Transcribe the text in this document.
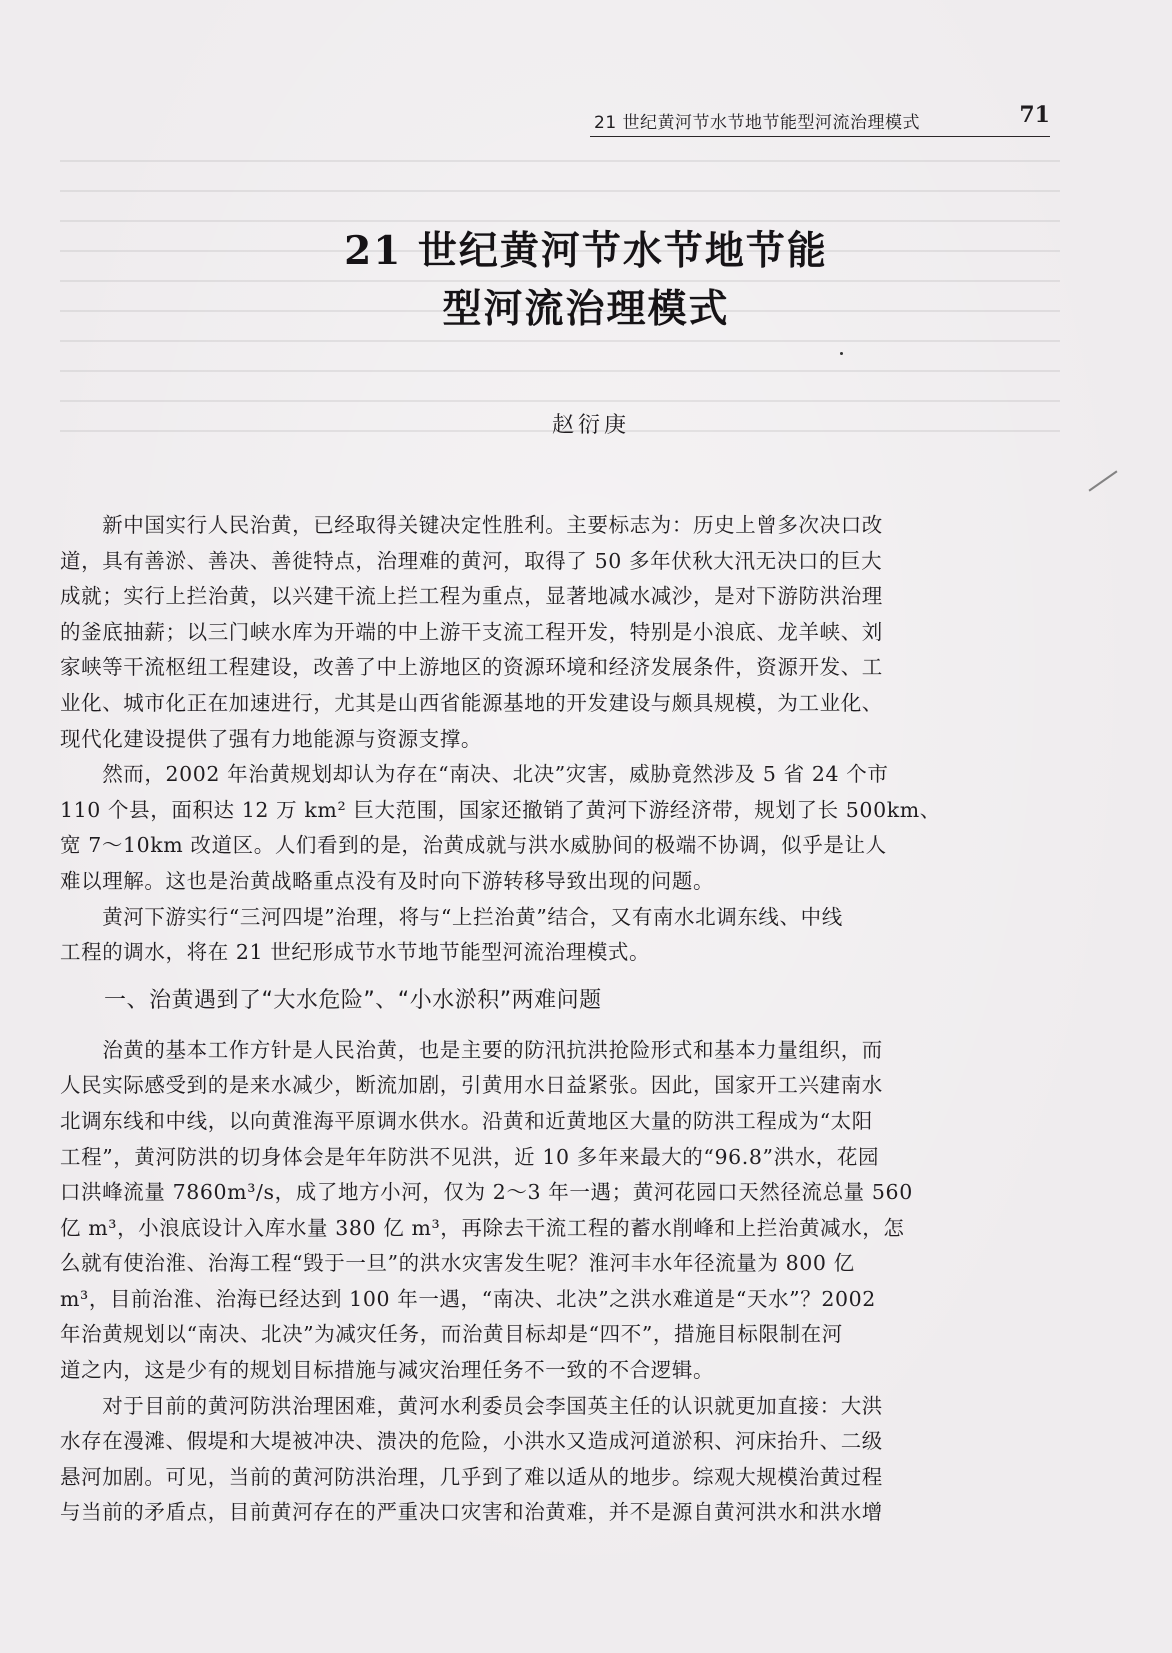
21 世纪黄河节水节地节能型河流治理模式	71
21 世纪黄河节水节地节能
型河流治理模式
赵衍庚

　　新中国实行人民治黄，已经取得关键决定性胜利。主要标志为：历史上曾多次决口改
道，具有善淤、善决、善徙特点，治理难的黄河，取得了 50 多年伏秋大汛无决口的巨大
成就；实行上拦治黄，以兴建干流上拦工程为重点，显著地减水减沙，是对下游防洪治理
的釜底抽薪；以三门峡水库为开端的中上游干支流工程开发，特别是小浪底、龙羊峡、刘
家峡等干流枢纽工程建设，改善了中上游地区的资源环境和经济发展条件，资源开发、工
业化、城市化正在加速进行，尤其是山西省能源基地的开发建设与颇具规模，为工业化、
现代化建设提供了强有力地能源与资源支撑。

　　然而，2002 年治黄规划却认为存在“南决、北决”灾害，威胁竟然涉及 5 省 24 个市
110 个县，面积达 12 万 km² 巨大范围，国家还撤销了黄河下游经济带，规划了长 500km、
宽 7～10km 改道区。人们看到的是，治黄成就与洪水威胁间的极端不协调，似乎是让人
难以理解。这也是治黄战略重点没有及时向下游转移导致出现的问题。

　　黄河下游实行“三河四堤”治理，将与“上拦治黄”结合，又有南水北调东线、中线
工程的调水，将在 21 世纪形成节水节地节能型河流治理模式。

一、治黄遇到了“大水危险”、“小水淤积”两难问题

　　治黄的基本工作方针是人民治黄，也是主要的防汛抗洪抢险形式和基本力量组织，而
人民实际感受到的是来水减少，断流加剧，引黄用水日益紧张。因此，国家开工兴建南水
北调东线和中线，以向黄淮海平原调水供水。沿黄和近黄地区大量的防洪工程成为“太阳
工程”，黄河防洪的切身体会是年年防洪不见洪，近 10 多年来最大的“96.8”洪水，花园
口洪峰流量 7860m³/s，成了地方小河，仅为 2～3 年一遇；黄河花园口天然径流总量 560
亿 m³，小浪底设计入库水量 380 亿 m³，再除去干流工程的蓄水削峰和上拦治黄减水，怎
么就有使治淮、治海工程“毁于一旦”的洪水灾害发生呢？淮河丰水年径流量为 800 亿
m³，目前治淮、治海已经达到 100 年一遇，“南决、北决”之洪水难道是“天水”？2002
年治黄规划以“南决、北决”为减灾任务，而治黄目标却是“四不”，措施目标限制在河
道之内，这是少有的规划目标措施与减灾治理任务不一致的不合逻辑。

　　对于目前的黄河防洪治理困难，黄河水利委员会李国英主任的认识就更加直接：大洪
水存在漫滩、假堤和大堤被冲决、溃决的危险，小洪水又造成河道淤积、河床抬升、二级
悬河加剧。可见，当前的黄河防洪治理，几乎到了难以适从的地步。综观大规模治黄过程
与当前的矛盾点，目前黄河存在的严重决口灾害和治黄难，并不是源自黄河洪水和洪水增
